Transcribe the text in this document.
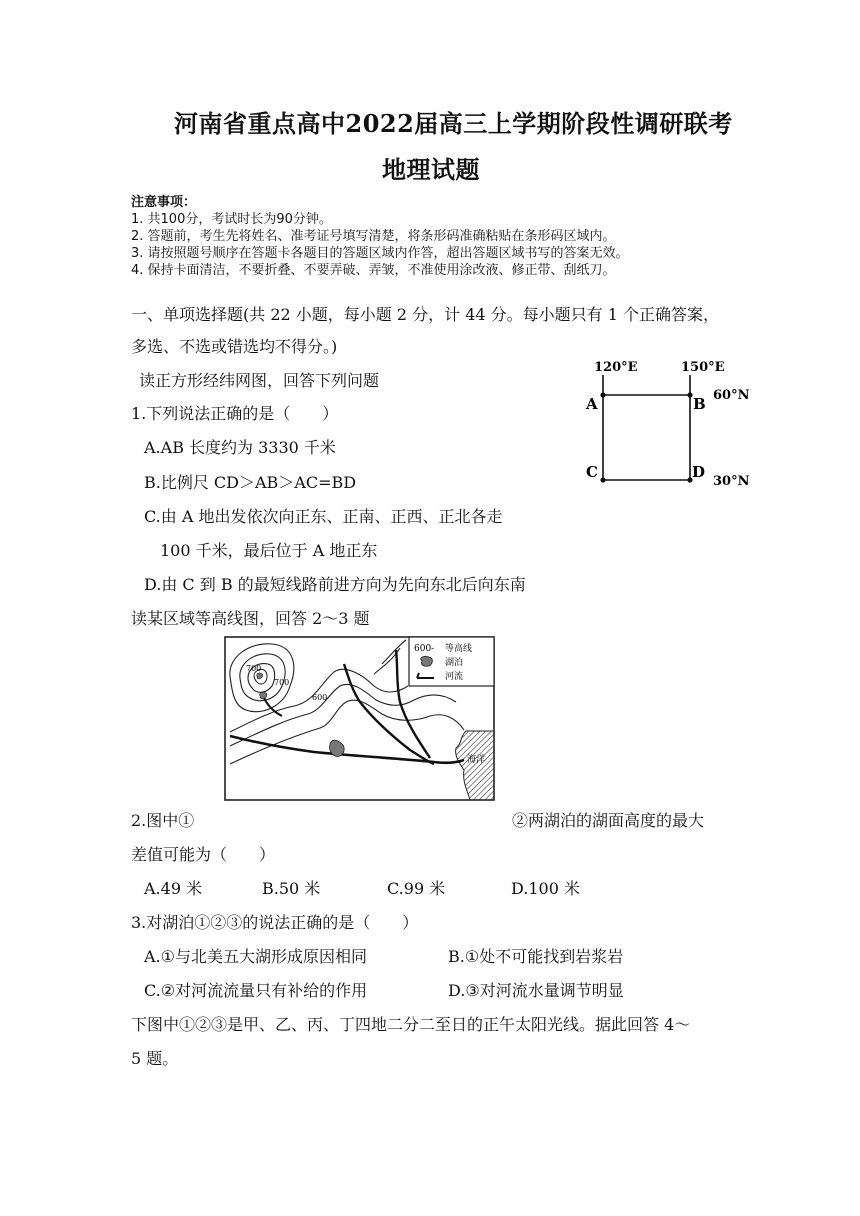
河南省重点高中2022届高三上学期阶段性调研联考
地理试题
注意事项：
1. 共100分，考试时长为90分钟。
2. 答题前，考生先将姓名、准考证号填写清楚，将条形码准确粘贴在条形码区域内。
3. 请按照题号顺序在答题卡各题目的答题区域内作答，超出答题区域书写的答案无效。
4. 保持卡面清洁，不要折叠、不要弄破、弄皱，不准使用涂改液、修正带、刮纸刀。
一、单项选择题(共 22 小题，每小题 2 分，计 44 分。每小题只有 1 个正确答案，
多选、不选或错选均不得分。)
读正方形经纬网图，回答下列问题
1.下列说法正确的是（　　）
A.AB 长度约为 3330 千米
B.比例尺 CD＞AB＞AC=BD
C.由 A 地出发依次向正东、正南、正西、正北各走
100 千米，最后位于 A 地正东
D.由 C 到 B 的最短线路前进方向为先向东北后向东南
120°E	150°E
60°N
30°N
A	B
C	D
读某区域等高线图，回答 2～3 题
600- 等高线
湖泊
河流
700
700
600
海洋
2.图中①	②两湖泊的湖面高度的最大
差值可能为（　　）
A.49 米	B.50 米	C.99 米	D.100 米
3.对湖泊①②③的说法正确的是（　　）
A.①与北美五大湖形成原因相同	B.①处不可能找到岩浆岩
C.②对河流流量只有补给的作用	D.③对河流水量调节明显
下图中①②③是甲、乙、丙、丁四地二分二至日的正午太阳光线。据此回答 4～
5 题。
